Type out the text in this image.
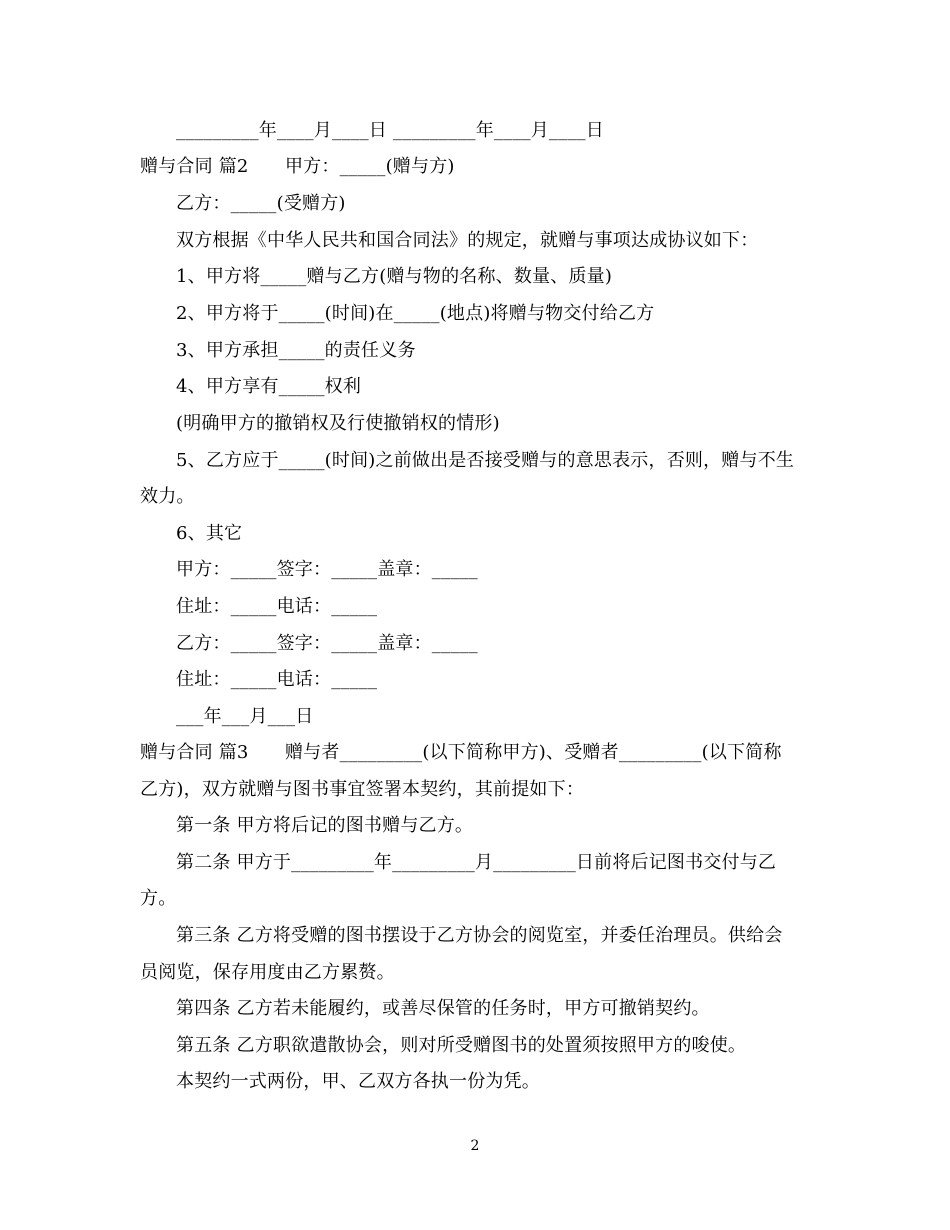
_________年____月____日 _________年____月____日
赠与合同 篇2　　甲方：_____(赠与方)
乙方：_____(受赠方)
双方根据《中华人民共和国合同法》的规定，就赠与事项达成协议如下：
1、甲方将_____赠与乙方(赠与物的名称、数量、质量)
2、甲方将于_____(时间)在_____(地点)将赠与物交付给乙方
3、甲方承担_____的责任义务
4、甲方享有_____权利
(明确甲方的撤销权及行使撤销权的情形)
5、乙方应于_____(时间)之前做出是否接受赠与的意思表示，否则，赠与不生
效力。
6、其它
甲方：_____签字：_____盖章：_____
住址：_____电话：_____
乙方：_____签字：_____盖章：_____
住址：_____电话：_____
___年___月___日
赠与合同 篇3　　赠与者_________(以下简称甲方)、受赠者_________(以下简称
乙方)，双方就赠与图书事宜签署本契约，其前提如下：
第一条 甲方将后记的图书赠与乙方。
第二条 甲方于_________年_________月_________日前将后记图书交付与乙
方。
第三条 乙方将受赠的图书摆设于乙方协会的阅览室，并委任治理员。供给会
员阅览，保存用度由乙方累赘。
第四条 乙方若未能履约，或善尽保管的任务时，甲方可撤销契约。
第五条 乙方职欲遣散协会，则对所受赠图书的处置须按照甲方的唆使。
本契约一式两份，甲、乙双方各执一份为凭。
2
